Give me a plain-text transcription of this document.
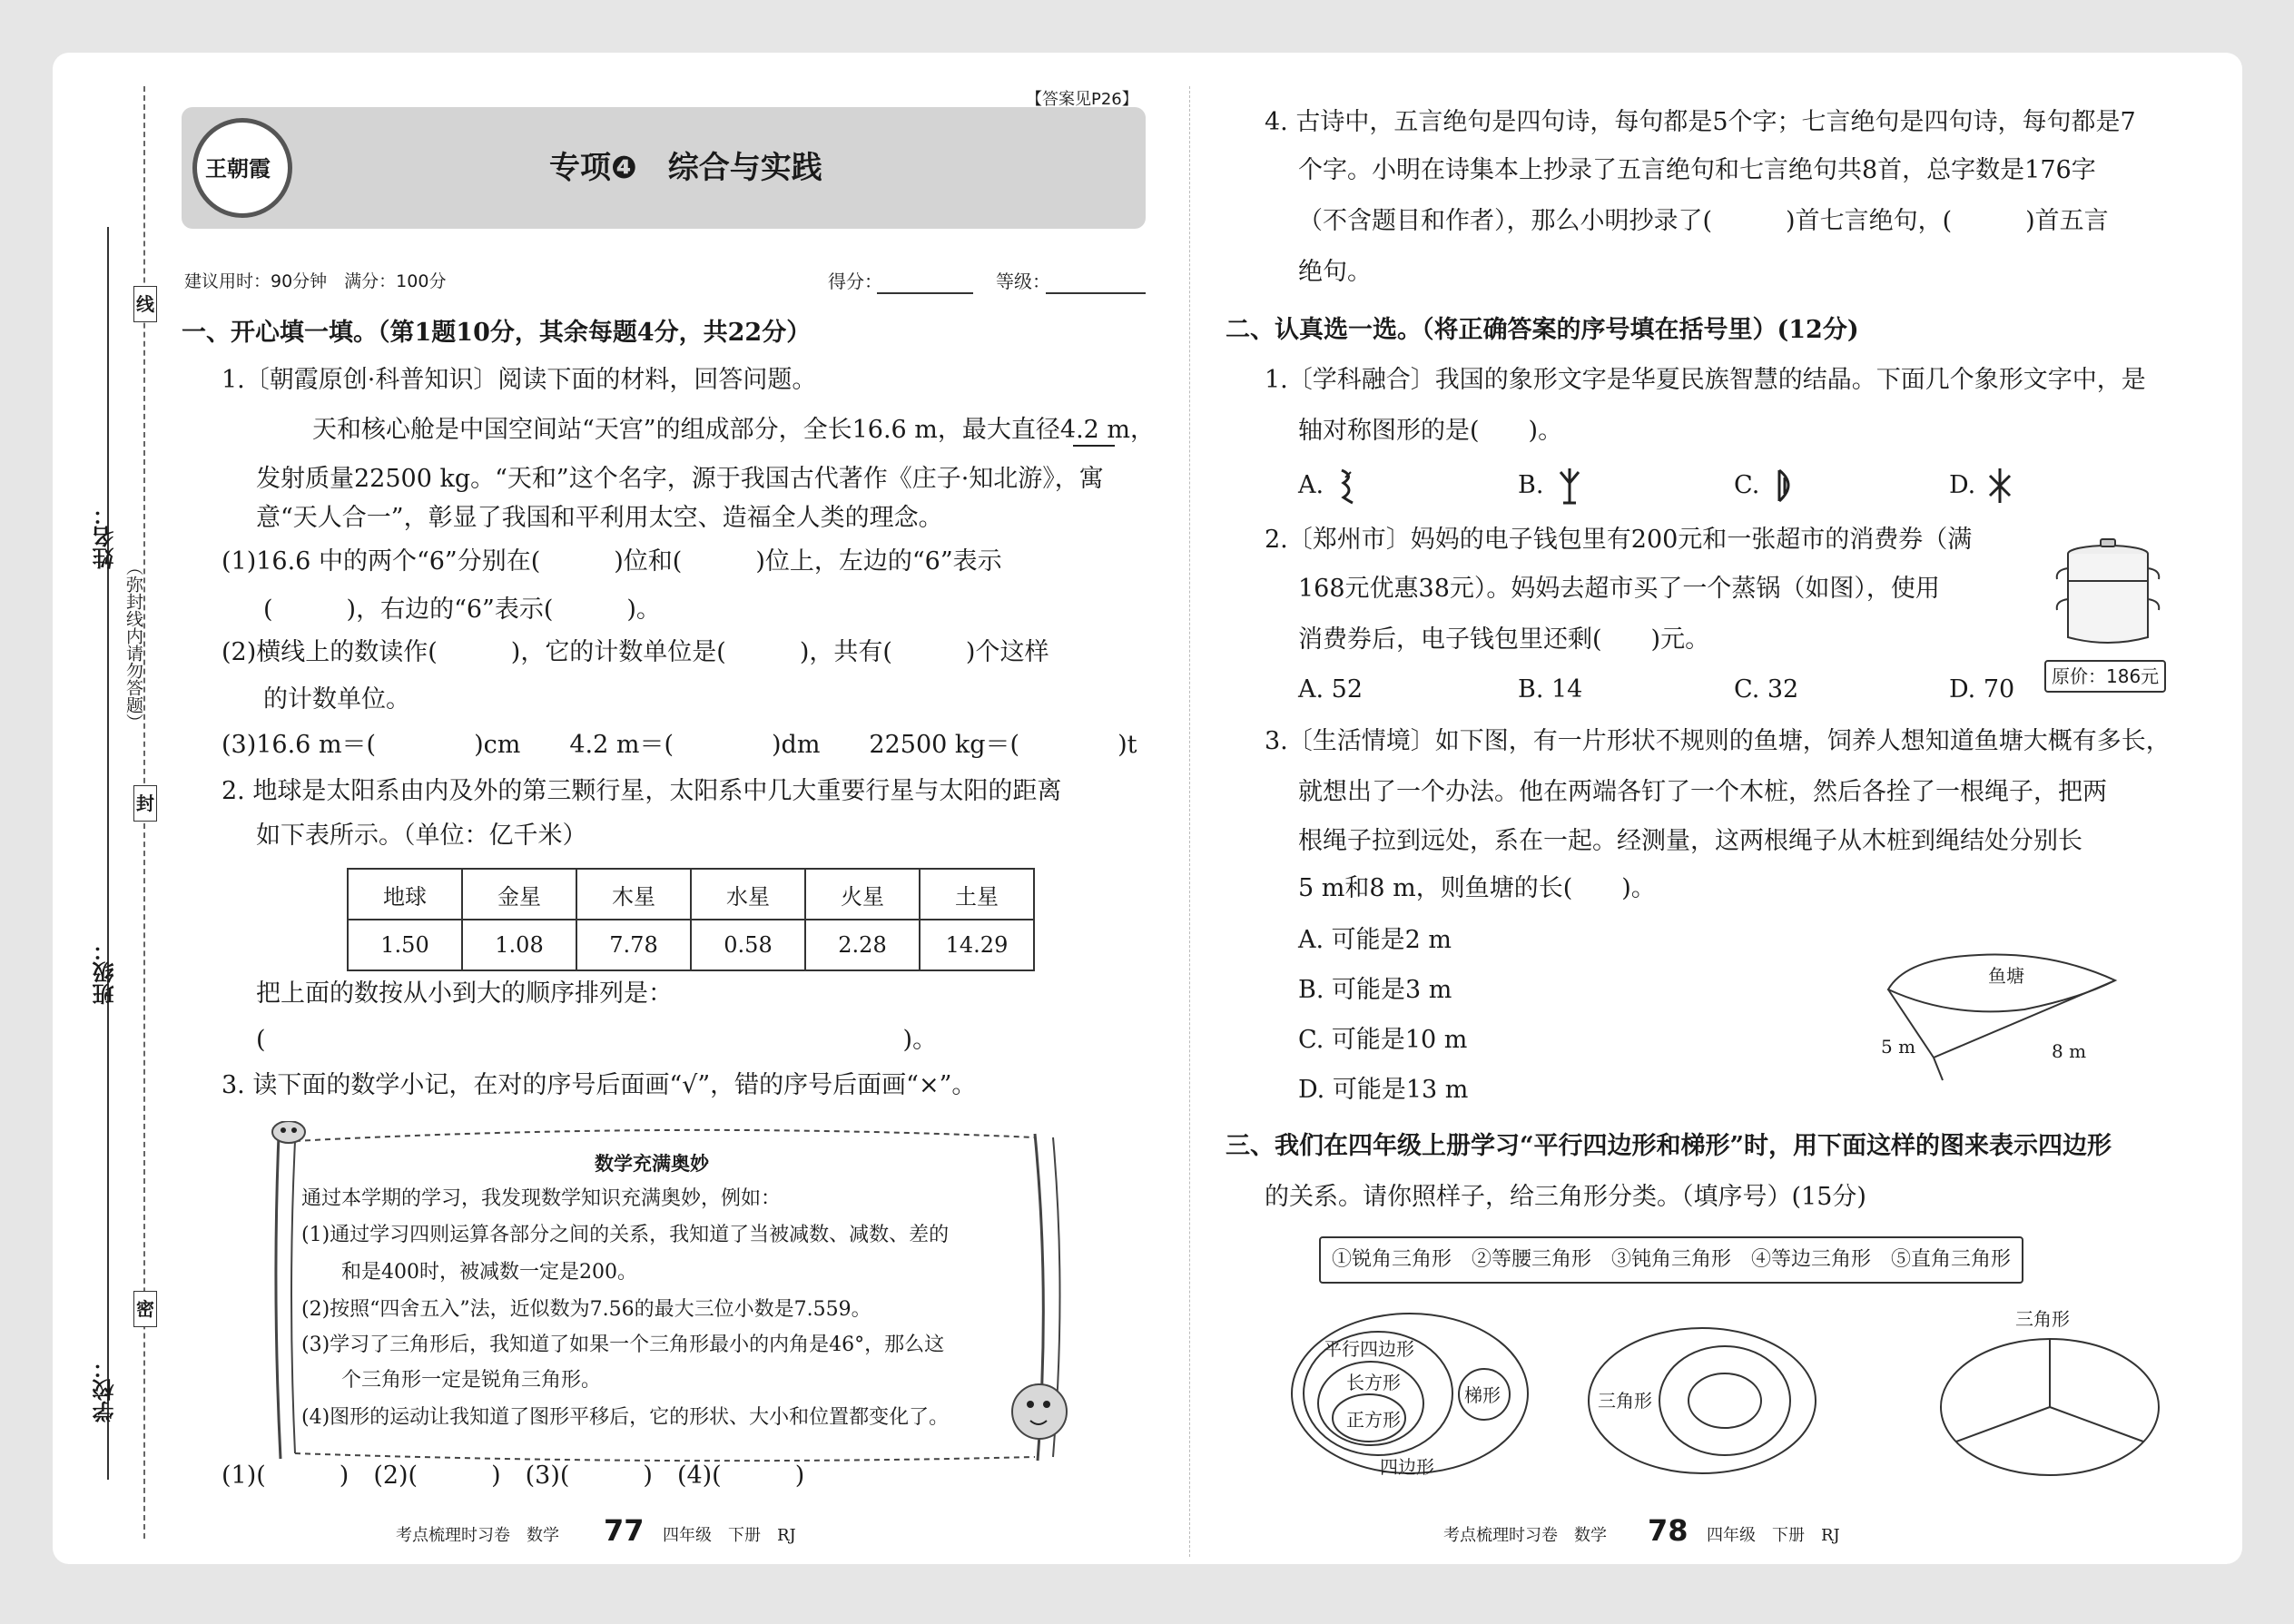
线
封
密
姓名：
班级：
学校：
（弥封线内请勿答题）
【答案见P26】
王朝霞	专项❹　综合与实践
建议用时：90分钟　满分：100分	得分：	等级：
一、开心填一填。（第1题10分，其余每题4分，共22分）
1.〔朝霞原创·科普知识〕阅读下面的材料，回答问题。
天和核心舱是中国空间站“天宫”的组成部分，全长16.6 m，最大直径4.2 m，
发射质量22500 kg。“天和”这个名字，源于我国古代著作《庄子·知北游》，寓
意“天人合一”，彰显了我国和平利用太空、造福全人类的理念。
(1)16.6 中的两个“6”分别在(　　　)位和(　　　)位上，左边的“6”表示
(　　　)，右边的“6”表示(　　　)。
(2)横线上的数读作(　　　)，它的计数单位是(　　　)，共有(　　　)个这样
的计数单位。
(3)16.6 m＝(　　　　)cm　　4.2 m＝(　　　　)dm　　22500 kg＝(　　　　)t
2. 地球是太阳系由内及外的第三颗行星，太阳系中几大重要行星与太阳的距离
如下表所示。（单位：亿千米）
地球	金星	木星	水星	火星	土星
1.50	1.08	7.78	0.58	2.28	14.29
把上面的数按从小到大的顺序排列是：
(　　　　　　　　　　　　　　　　　　　　　　　　　　)。
3. 读下面的数学小记，在对的序号后面画“√”，错的序号后面画“×”。
数学充满奥妙
通过本学期的学习，我发现数学知识充满奥妙，例如：
(1)通过学习四则运算各部分之间的关系，我知道了当被减数、减数、差的
　　和是400时，被减数一定是200。
(2)按照“四舍五入”法，近似数为7.56的最大三位小数是7.559。
(3)学习了三角形后，我知道了如果一个三角形最小的内角是46°，那么这
　　个三角形一定是锐角三角形。
(4)图形的运动让我知道了图形平移后，它的形状、大小和位置都变化了。
(1)(　　　)　(2)(　　　)　(3)(　　　)　(4)(　　　)
考点梳理时习卷　数学 77 四年级　下册　RJ
4. 古诗中，五言绝句是四句诗，每句都是5个字；七言绝句是四句诗，每句都是7
个字。小明在诗集本上抄录了五言绝句和七言绝句共8首，总字数是176字
（不含题目和作者），那么小明抄录了(　　　)首七言绝句，(　　　)首五言
绝句。
二、认真选一选。（将正确答案的序号填在括号里）(12分)
1.〔学科融合〕我国的象形文字是华夏民族智慧的结晶。下面几个象形文字中，是
轴对称图形的是(　　)。
A.	B.	C.	D.
2.〔郑州市〕妈妈的电子钱包里有200元和一张超市的消费券（满
168元优惠38元）。妈妈去超市买了一个蒸锅（如图），使用
消费券后，电子钱包里还剩(　　)元。
A. 52	B. 14	C. 32	D. 70	原价：186元
3.〔生活情境〕如下图，有一片形状不规则的鱼塘，饲养人想知道鱼塘大概有多长，
就想出了一个办法。他在两端各钉了一个木桩，然后各拴了一根绳子，把两
根绳子拉到远处，系在一起。经测量，这两根绳子从木桩到绳结处分别长
5 m和8 m，则鱼塘的长(　　)。
A. 可能是2 m
B. 可能是3 m
C. 可能是10 m
D. 可能是13 m
鱼塘
5 m	8 m
三、我们在四年级上册学习“平行四边形和梯形”时，用下面这样的图来表示四边形
的关系。请你照样子，给三角形分类。（填序号）(15分)
①锐角三角形　②等腰三角形　③钝角三角形　④等边三角形　⑤直角三角形
平行四边形
长方形
正方形
梯形
四边形
三角形
三角形
考点梳理时习卷　数学 78 四年级　下册　RJ
